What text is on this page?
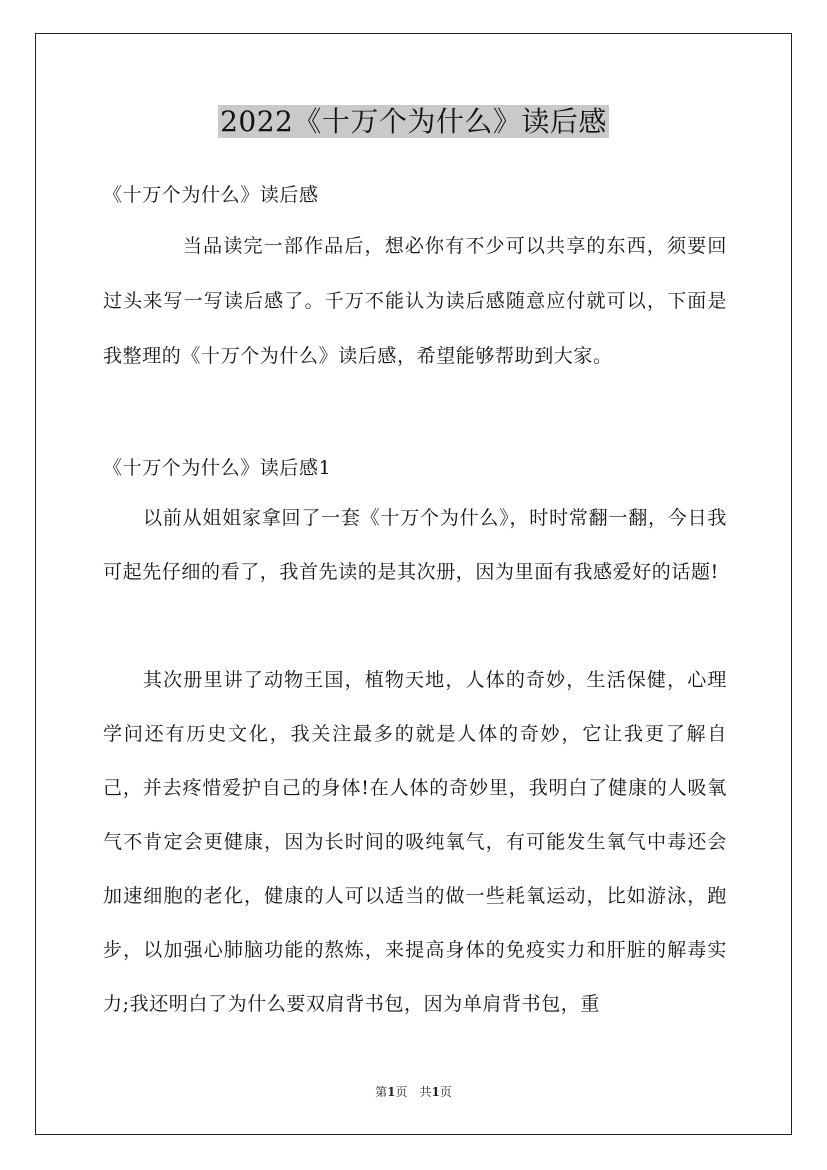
2022《十万个为什么》读后感

《十万个为什么》读后感

当品读完一部作品后，想必你有不少可以共享的东西，须要回过头来写一写读后感了。千万不能认为读后感随意应付就可以，下面是我整理的《十万个为什么》读后感，希望能够帮助到大家。

《十万个为什么》读后感1

以前从姐姐家拿回了一套《十万个为什么》，时时常翻一翻，今日我可起先仔细的看了，我首先读的是其次册，因为里面有我感爱好的话题!

其次册里讲了动物王国，植物天地，人体的奇妙，生活保健，心理学问还有历史文化，我关注最多的就是人体的奇妙，它让我更了解自己，并去疼惜爱护自己的身体!在人体的奇妙里，我明白了健康的人吸氧气不肯定会更健康，因为长时间的吸纯氧气，有可能发生氧气中毒还会加速细胞的老化，健康的人可以适当的做一些耗氧运动，比如游泳，跑步，以加强心肺脑功能的熬炼，来提高身体的免疫实力和肝脏的解毒实力;我还明白了为什么要双肩背书包，因为单肩背书包，重

第1页　共1页
